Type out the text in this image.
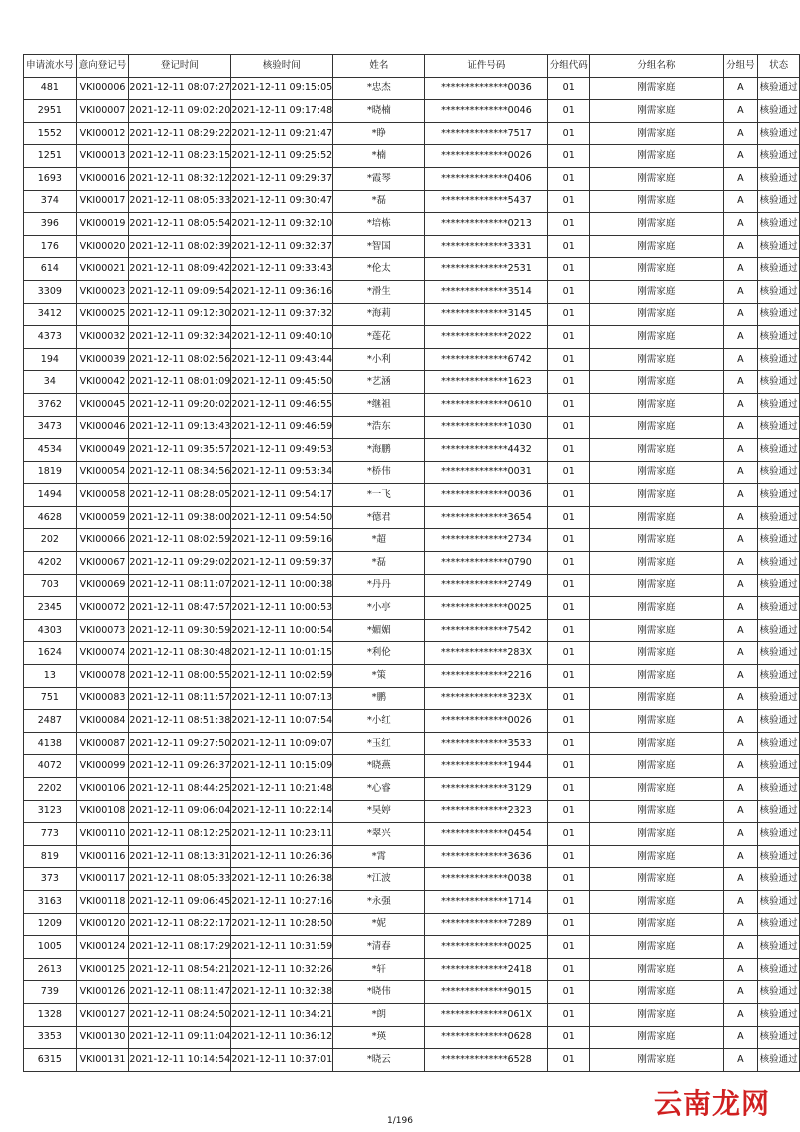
申请流水号	意向登记号	登记时间	核验时间	姓名	证件号码	分组代码	分组名称	分组号	状态
481	VKI00006	2021-12-11 08:07:27	2021-12-11 09:15:05	*忠杰	**************0036	01	刚需家庭	A	核验通过
2951	VKI00007	2021-12-11 09:02:20	2021-12-11 09:17:48	*晓楠	**************0046	01	刚需家庭	A	核验通过
1552	VKI00012	2021-12-11 08:29:22	2021-12-11 09:21:47	*睁	**************7517	01	刚需家庭	A	核验通过
1251	VKI00013	2021-12-11 08:23:15	2021-12-11 09:25:52	*楠	**************0026	01	刚需家庭	A	核验通过
1693	VKI00016	2021-12-11 08:32:12	2021-12-11 09:29:37	*霞琴	**************0406	01	刚需家庭	A	核验通过
374	VKI00017	2021-12-11 08:05:33	2021-12-11 09:30:47	*磊	**************5437	01	刚需家庭	A	核验通过
396	VKI00019	2021-12-11 08:05:54	2021-12-11 09:32:10	*培栋	**************0213	01	刚需家庭	A	核验通过
176	VKI00020	2021-12-11 08:02:39	2021-12-11 09:32:37	*智国	**************3331	01	刚需家庭	A	核验通过
614	VKI00021	2021-12-11 08:09:42	2021-12-11 09:33:43	*伦太	**************2531	01	刚需家庭	A	核验通过
3309	VKI00023	2021-12-11 09:09:54	2021-12-11 09:36:16	*滑生	**************3514	01	刚需家庭	A	核验通过
3412	VKI00025	2021-12-11 09:12:30	2021-12-11 09:37:32	*海莉	**************3145	01	刚需家庭	A	核验通过
4373	VKI00032	2021-12-11 09:32:34	2021-12-11 09:40:10	*莲花	**************2022	01	刚需家庭	A	核验通过
194	VKI00039	2021-12-11 08:02:56	2021-12-11 09:43:44	*小利	**************6742	01	刚需家庭	A	核验通过
34	VKI00042	2021-12-11 08:01:09	2021-12-11 09:45:50	*艺涵	**************1623	01	刚需家庭	A	核验通过
3762	VKI00045	2021-12-11 09:20:02	2021-12-11 09:46:55	*继祖	**************0610	01	刚需家庭	A	核验通过
3473	VKI00046	2021-12-11 09:13:43	2021-12-11 09:46:59	*浩东	**************1030	01	刚需家庭	A	核验通过
4534	VKI00049	2021-12-11 09:35:57	2021-12-11 09:49:53	*海鹏	**************4432	01	刚需家庭	A	核验通过
1819	VKI00054	2021-12-11 08:34:56	2021-12-11 09:53:34	*桥伟	**************0031	01	刚需家庭	A	核验通过
1494	VKI00058	2021-12-11 08:28:05	2021-12-11 09:54:17	*一飞	**************0036	01	刚需家庭	A	核验通过
4628	VKI00059	2021-12-11 09:38:00	2021-12-11 09:54:50	*德君	**************3654	01	刚需家庭	A	核验通过
202	VKI00066	2021-12-11 08:02:59	2021-12-11 09:59:16	*超	**************2734	01	刚需家庭	A	核验通过
4202	VKI00067	2021-12-11 09:29:02	2021-12-11 09:59:37	*磊	**************0790	01	刚需家庭	A	核验通过
703	VKI00069	2021-12-11 08:11:07	2021-12-11 10:00:38	*丹丹	**************2749	01	刚需家庭	A	核验通过
2345	VKI00072	2021-12-11 08:47:57	2021-12-11 10:00:53	*小亭	**************0025	01	刚需家庭	A	核验通过
4303	VKI00073	2021-12-11 09:30:59	2021-12-11 10:00:54	*媚媚	**************7542	01	刚需家庭	A	核验通过
1624	VKI00074	2021-12-11 08:30:48	2021-12-11 10:01:15	*利伦	**************283X	01	刚需家庭	A	核验通过
13	VKI00078	2021-12-11 08:00:55	2021-12-11 10:02:59	*策	**************2216	01	刚需家庭	A	核验通过
751	VKI00083	2021-12-11 08:11:57	2021-12-11 10:07:13	*鹏	**************323X	01	刚需家庭	A	核验通过
2487	VKI00084	2021-12-11 08:51:38	2021-12-11 10:07:54	*小红	**************0026	01	刚需家庭	A	核验通过
4138	VKI00087	2021-12-11 09:27:50	2021-12-11 10:09:07	*玉红	**************3533	01	刚需家庭	A	核验通过
4072	VKI00099	2021-12-11 09:26:37	2021-12-11 10:15:09	*晓燕	**************1944	01	刚需家庭	A	核验通过
2202	VKI00106	2021-12-11 08:44:25	2021-12-11 10:21:48	*心睿	**************3129	01	刚需家庭	A	核验通过
3123	VKI00108	2021-12-11 09:06:04	2021-12-11 10:22:14	*昊婷	**************2323	01	刚需家庭	A	核验通过
773	VKI00110	2021-12-11 08:12:25	2021-12-11 10:23:11	*翠兴	**************0454	01	刚需家庭	A	核验通过
819	VKI00116	2021-12-11 08:13:31	2021-12-11 10:26:36	*霄	**************3636	01	刚需家庭	A	核验通过
373	VKI00117	2021-12-11 08:05:33	2021-12-11 10:26:38	*江波	**************0038	01	刚需家庭	A	核验通过
3163	VKI00118	2021-12-11 09:06:45	2021-12-11 10:27:16	*永强	**************1714	01	刚需家庭	A	核验通过
1209	VKI00120	2021-12-11 08:22:17	2021-12-11 10:28:50	*妮	**************7289	01	刚需家庭	A	核验通过
1005	VKI00124	2021-12-11 08:17:29	2021-12-11 10:31:59	*清春	**************0025	01	刚需家庭	A	核验通过
2613	VKI00125	2021-12-11 08:54:21	2021-12-11 10:32:26	*轩	**************2418	01	刚需家庭	A	核验通过
739	VKI00126	2021-12-11 08:11:47	2021-12-11 10:32:38	*晓伟	**************9015	01	刚需家庭	A	核验通过
1328	VKI00127	2021-12-11 08:24:50	2021-12-11 10:34:21	*朗	**************061X	01	刚需家庭	A	核验通过
3353	VKI00130	2021-12-11 09:11:04	2021-12-11 10:36:12	*瑛	**************0628	01	刚需家庭	A	核验通过
6315	VKI00131	2021-12-11 10:14:54	2021-12-11 10:37:01	*晓云	**************6528	01	刚需家庭	A	核验通过
1/196
云南龙网
